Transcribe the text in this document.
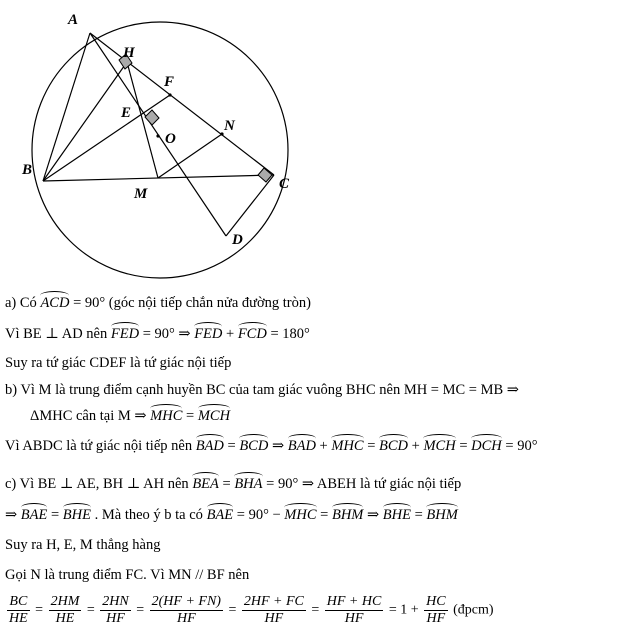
A
H
F
E
O
N
B
M
C
D
a) Có ACD = 90° (góc nội tiếp chắn nửa đường tròn)
Vì BE ⊥ AD nên FED = 90° ⇒ FED + FCD = 180°
Suy ra tứ giác CDEF là tứ giác nội tiếp
b) Vì M là trung điểm cạnh huyền BC của tam giác vuông BHC nên MH = MC = MB ⇒
ΔMHC cân tại M ⇒ MHC = MCH
Vì ABDC là tứ giác nội tiếp nên BAD = BCD ⇒ BAD + MHC = BCD + MCH = DCH = 90°
c) Vì BE ⊥ AE, BH ⊥ AH nên BEA = BHA = 90° ⇒ ABEH là tứ giác nội tiếp
⇒ BAE = BHE . Mà theo ý b ta có BAE = 90° − MHC = BHM ⇒ BHE = BHM
Suy ra H, E, M thẳng hàng
Gọi N là trung điểm FC. Vì MN // BF nên
$\frac{BC}{HE} = \frac{2HM}{HE} = \frac{2HN}{HF} = \frac{2(HF + FN)}{HF} = \frac{2HF + FC}{HF} = \frac{HF + HC}{HF} = 1 + \frac{HC}{HF}$ (đpcm)
